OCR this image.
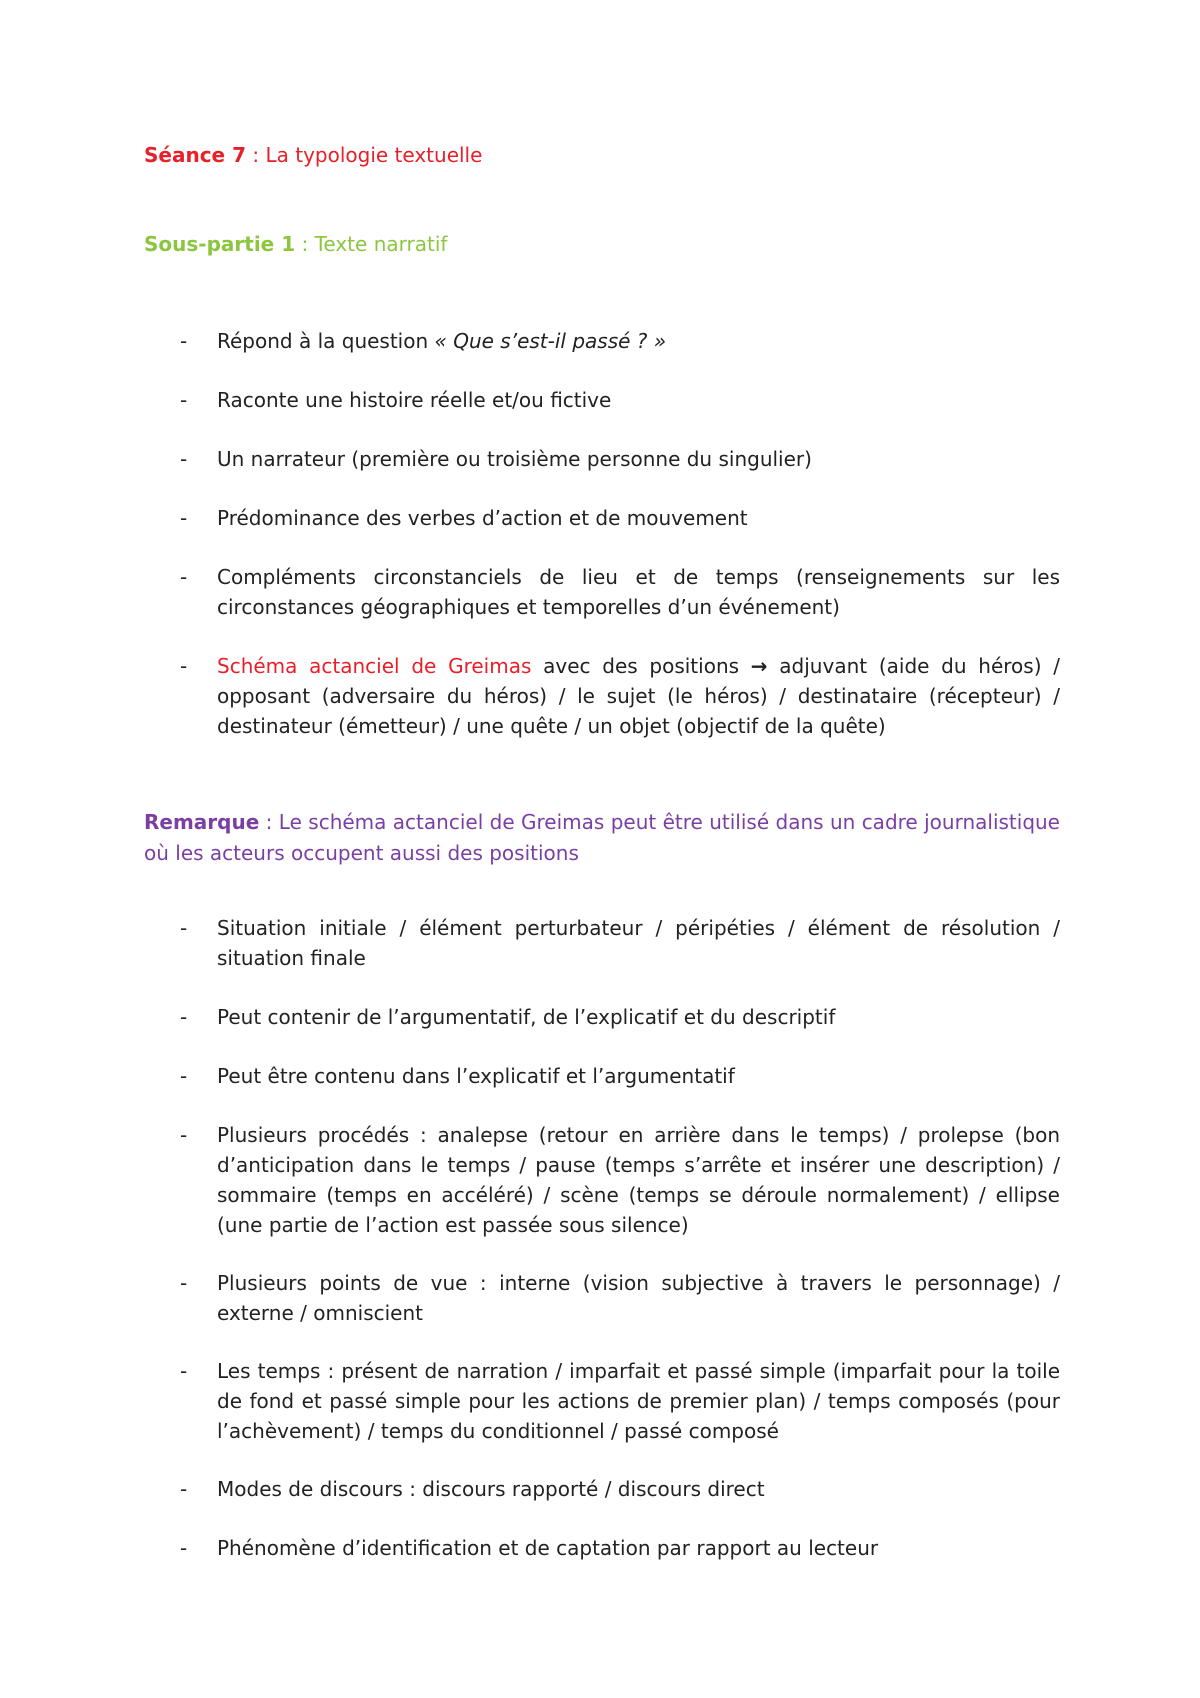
Séance 7 : La typologie textuelle
Sous-partie 1 : Texte narratif
- Répond à la question « Que s’est-il passé ? »
- Raconte une histoire réelle et/ou fictive
- Un narrateur (première ou troisième personne du singulier)
- Prédominance des verbes d’action et de mouvement
- Compléments circonstanciels de lieu et de temps (renseignements sur les circonstances géographiques et temporelles d’un événement)
- Schéma actanciel de Greimas avec des positions → adjuvant (aide du héros) / opposant (adversaire du héros) / le sujet (le héros) / destinataire (récepteur) / destinateur (émetteur) / une quête / un objet (objectif de la quête)
Remarque : Le schéma actanciel de Greimas peut être utilisé dans un cadre journalistique où les acteurs occupent aussi des positions
- Situation initiale / élément perturbateur / péripéties / élément de résolution / situation finale
- Peut contenir de l’argumentatif, de l’explicatif et du descriptif
- Peut être contenu dans l’explicatif et l’argumentatif
- Plusieurs procédés : analepse (retour en arrière dans le temps) / prolepse (bon d’anticipation dans le temps / pause (temps s’arrête et insérer une description) / sommaire (temps en accéléré) / scène (temps se déroule normalement) / ellipse (une partie de l’action est passée sous silence)
- Plusieurs points de vue : interne (vision subjective à travers le personnage) / externe / omniscient
- Les temps : présent de narration / imparfait et passé simple (imparfait pour la toile de fond et passé simple pour les actions de premier plan) / temps composés (pour l’achèvement) / temps du conditionnel / passé composé
- Modes de discours : discours rapporté / discours direct
- Phénomène d’identification et de captation par rapport au lecteur
